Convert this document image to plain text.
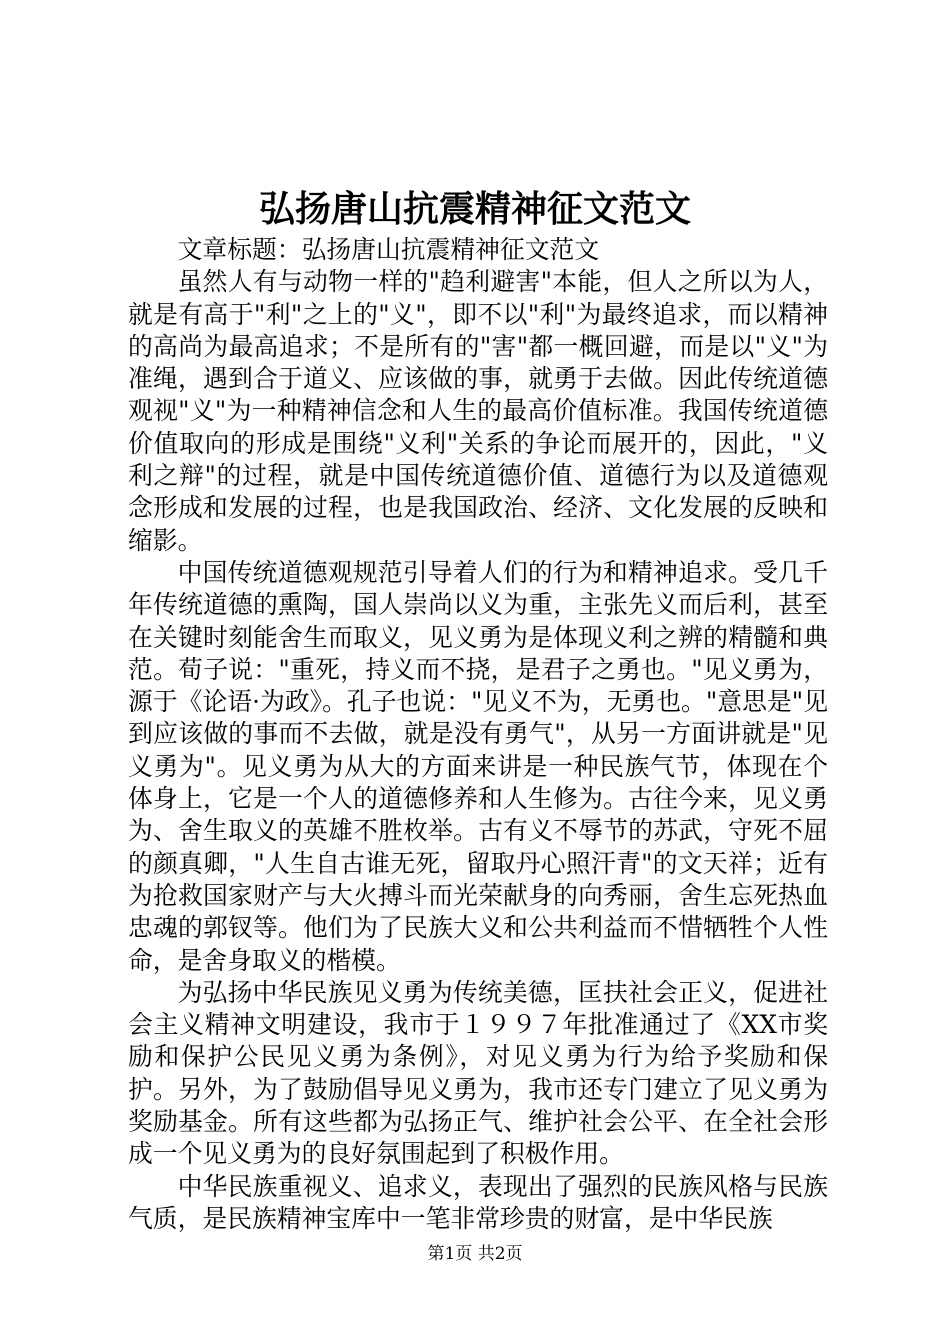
弘扬唐山抗震精神征文范文

文章标题：弘扬唐山抗震精神征文范文

虽然人有与动物一样的"趋利避害"本能，但人之所以为人，就是有高于"利"之上的"义"，即不以"利"为最终追求，而以精神的高尚为最高追求；不是所有的"害"都一概回避，而是以"义"为准绳，遇到合于道义、应该做的事，就勇于去做。因此传统道德观视"义"为一种精神信念和人生的最高价值标准。我国传统道德价值取向的形成是围绕"义利"关系的争论而展开的，因此，"义利之辩"的过程，就是中国传统道德价值、道德行为以及道德观念形成和发展的过程，也是我国政治、经济、文化发展的反映和缩影。

中国传统道德观规范引导着人们的行为和精神追求。受几千年传统道德的熏陶，国人崇尚以义为重，主张先义而后利，甚至在关键时刻能舍生而取义，见义勇为是体现义利之辨的精髓和典范。荀子说："重死，持义而不挠，是君子之勇也。"见义勇为，源于《论语·为政》。孔子也说："见义不为，无勇也。"意思是"见到应该做的事而不去做，就是没有勇气"，从另一方面讲就是"见义勇为"。见义勇为从大的方面来讲是一种民族气节，体现在个体身上，它是一个人的道德修养和人生修为。古往今来，见义勇为、舍生取义的英雄不胜枚举。古有义不辱节的苏武，守死不屈的颜真卿，"人生自古谁无死，留取丹心照汗青"的文天祥；近有为抢救国家财产与大火搏斗而光荣献身的向秀丽，舍生忘死热血忠魂的郭钗等。他们为了民族大义和公共利益而不惜牺牲个人性命，是舍身取义的楷模。

为弘扬中华民族见义勇为传统美德，匡扶社会正义，促进社会主义精神文明建设，我市于１９９７年批准通过了《XX市奖励和保护公民见义勇为条例》，对见义勇为行为给予奖励和保护。另外，为了鼓励倡导见义勇为，我市还专门建立了见义勇为奖励基金。所有这些都为弘扬正气、维护社会公平、在全社会形成一个见义勇为的良好氛围起到了积极作用。

中华民族重视义、追求义，表现出了强烈的民族风格与民族气质，是民族精神宝库中一笔非常珍贵的财富，是中华民族

第1页 共2页
